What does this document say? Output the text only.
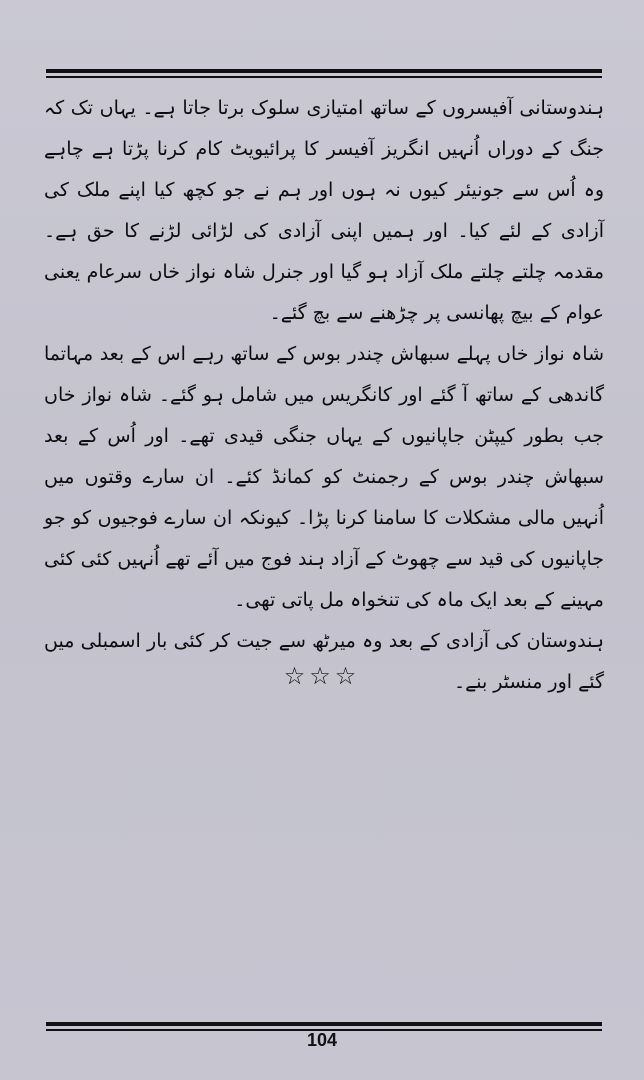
ہندوستانی آفیسروں کے ساتھ امتیازی سلوک برتا جاتا ہے۔ یہاں تک کہ جنگ کے دوراں اُنہیں انگریز آفیسر کا پرائیویٹ کام کرنا پڑتا ہے چاہے وہ اُس سے جونیئر کیوں نہ ہوں اور ہم نے جو کچھ کیا اپنے ملک کی آزادی کے لئے کیا۔ اور ہمیں اپنی آزادی کی لڑائی لڑنے کا حق ہے۔ مقدمہ چلتے چلتے ملک آزاد ہو گیا اور جنرل شاہ نواز خاں سرعام یعنی عوام کے بیچ پھانسی پر چڑھنے سے بچ گئے۔

شاہ نواز خاں پہلے سبھاش چندر بوس کے ساتھ رہے اس کے بعد مہاتما گاندھی کے ساتھ آ گئے اور کانگریس میں شامل ہو گئے۔ شاہ نواز خاں جب بطور کیپٹن جاپانیوں کے یہاں جنگی قیدی تھے۔ اور اُس کے بعد سبھاش چندر بوس کے رجمنٹ کو کمانڈ کئے۔ ان سارے وقتوں میں اُنہیں مالی مشکلات کا سامنا کرنا پڑا۔ کیونکہ ان سارے فوجیوں کو جو جاپانیوں کی قید سے چھوٹ کے آزاد ہند فوج میں آئے تھے اُنہیں کئی کئی مہینے کے بعد ایک ماہ کی تنخواہ مل پاتی تھی۔

ہندوستان کی آزادی کے بعد وہ میرٹھ سے جیت کر کئی بار اسمبلی میں گئے اور منسٹر بنے۔

☆☆☆
104
